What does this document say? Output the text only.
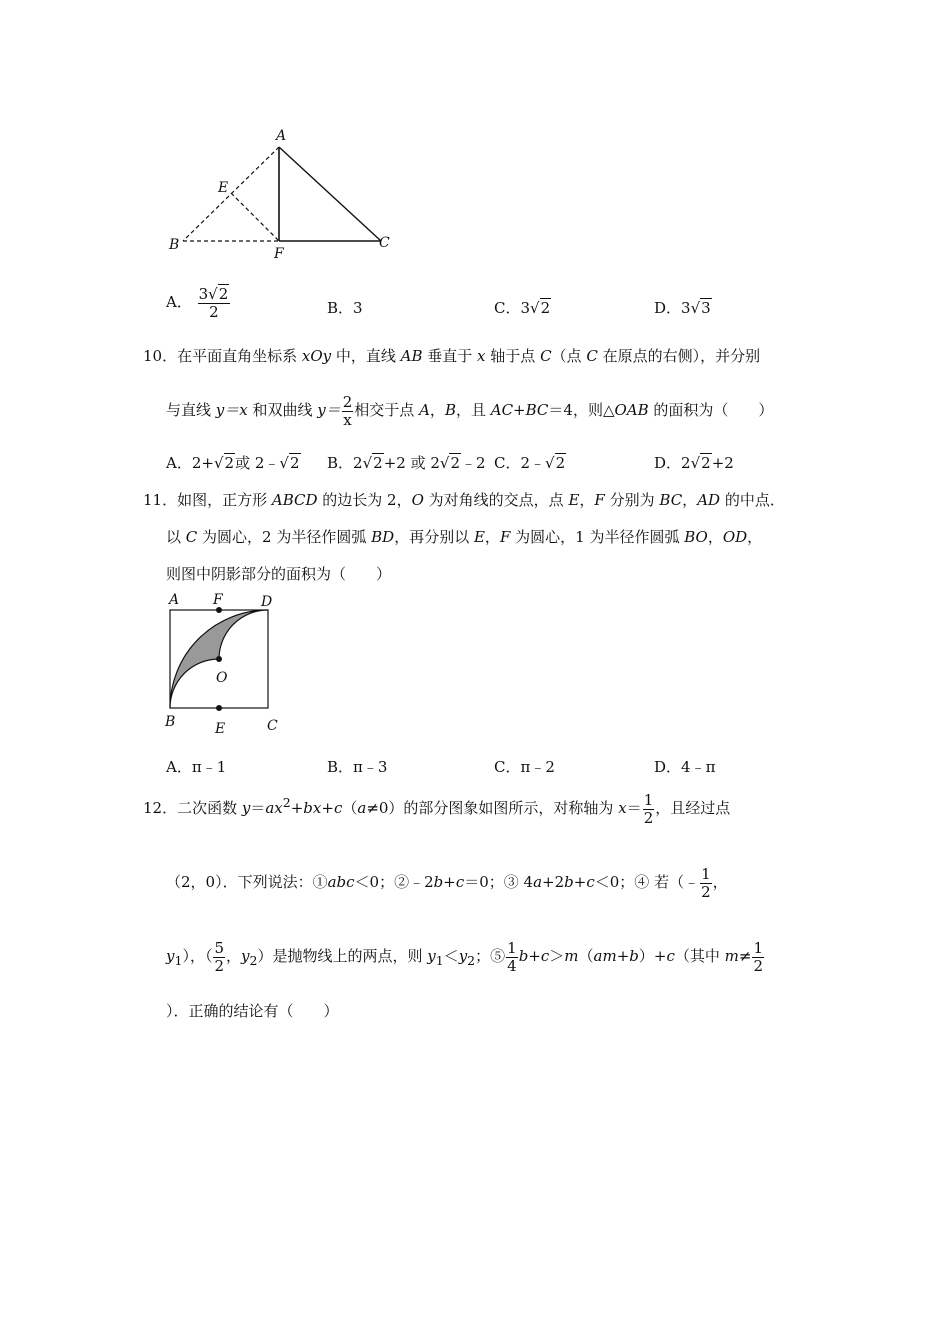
A
E
B
F
C
A． $\frac{3√2}{2}$	B．3	C．3√2	D．3√3
10．在平面直角坐标系 xOy 中，直线 AB 垂直于 x 轴于点 C（点 C 在原点的右侧），并分别
与直线 y＝x 和双曲线 $y= \frac{2}{x}$ 相交于点 A，B，且 AC+BC＝4，则△OAB 的面积为（　　）
A．2+√2或 2﹣√2 B．2√2+2 或 2√2﹣2 C．2﹣√2	D．2√2+2
11．如图，正方形 ABCD 的边长为 2，O 为对角线的交点，点 E，F 分别为 BC，AD 的中点．
以 C 为圆心，2 为半径作圆弧 BD，再分别以 E，F 为圆心，1 为半径作圆弧 BO，OD，
则图中阴影部分的面积为（　　）
A F	D
O
B	E	C
A．π﹣1	B．π﹣3	C．π﹣2	D．4﹣π
12．二次函数 $y=ax^2+bx+c(a\ne 0)$的部分图象如图所示，对称轴为 $x= \frac{1}{2}$ ，且经过点
（2，0）．下列说法：①abc＜0；②﹣2b+c＝0；③ 4a+2b+c＜0；④ 若（﹣ $\frac{1}{2}$ ，
$y_1$），（ $\frac{5}{2}$ ，$y_2$）是抛物线上的两点，则 $y_1<y_2$；⑤ $\frac{1}{4} b+c>m(am+b)+c$（其中 $m\ne \frac{1}{2}$
）．正确的结论有（　　）
